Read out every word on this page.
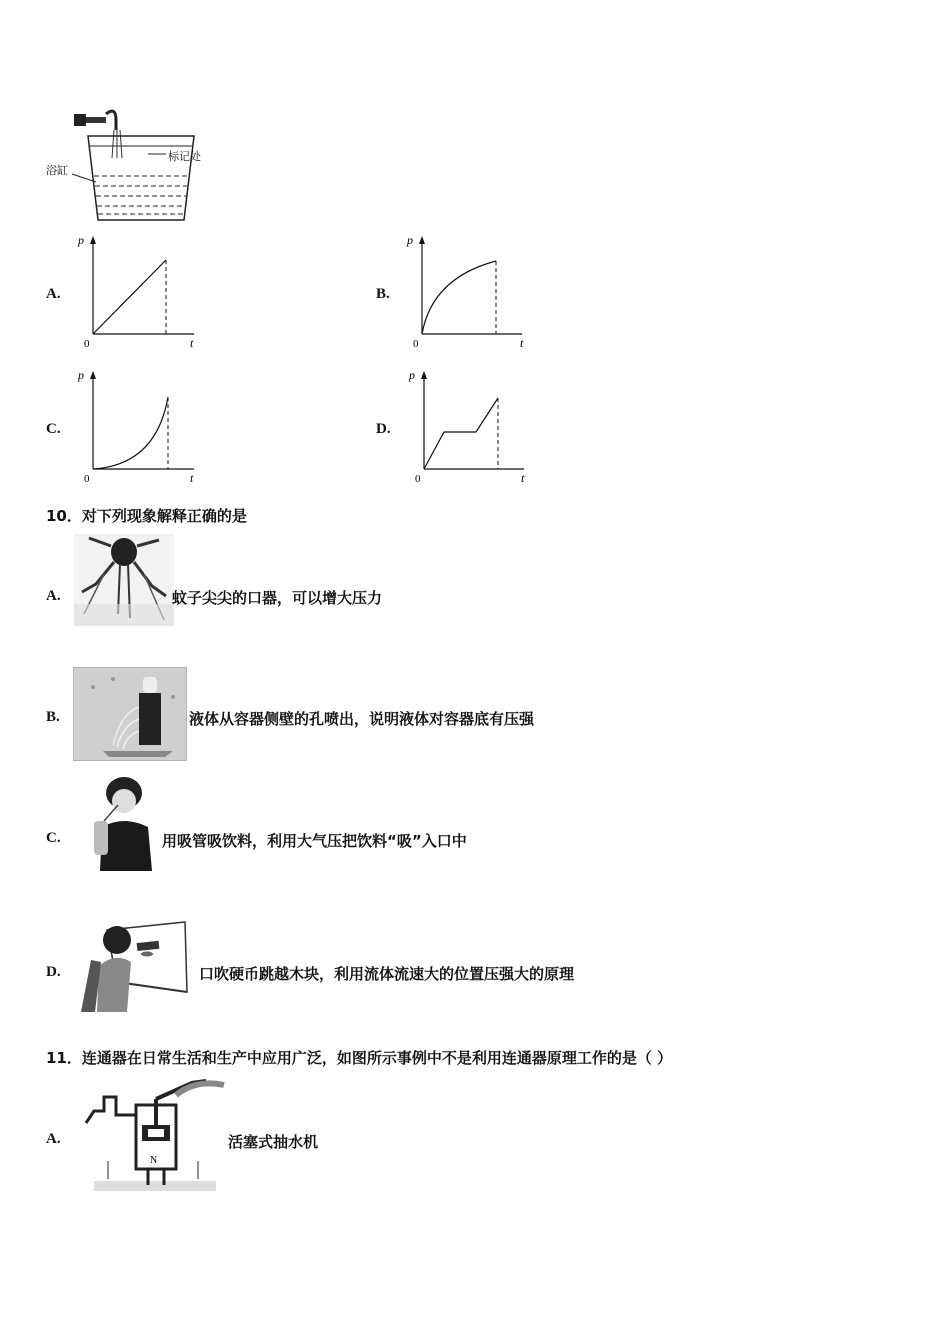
标记处
浴缸
A.
p
t
0
B.
p
t
0
C.
p
t
0
D.
p
t
0
10．对下列现象解释正确的是
A.	蚊子尖尖的口器，可以增大压力
B.	液体从容器侧壁的孔喷出，说明液体对容器底有压强
C.	用吸管吸饮料，利用大气压把饮料“吸”入口中
D.	口吹硬币跳越木块，利用流体流速大的位置压强大的原理
11．连通器在日常生活和生产中应用广泛，如图所示事例中不是利用连通器原理工作的是（ ）
A.
N
活塞式抽水机
